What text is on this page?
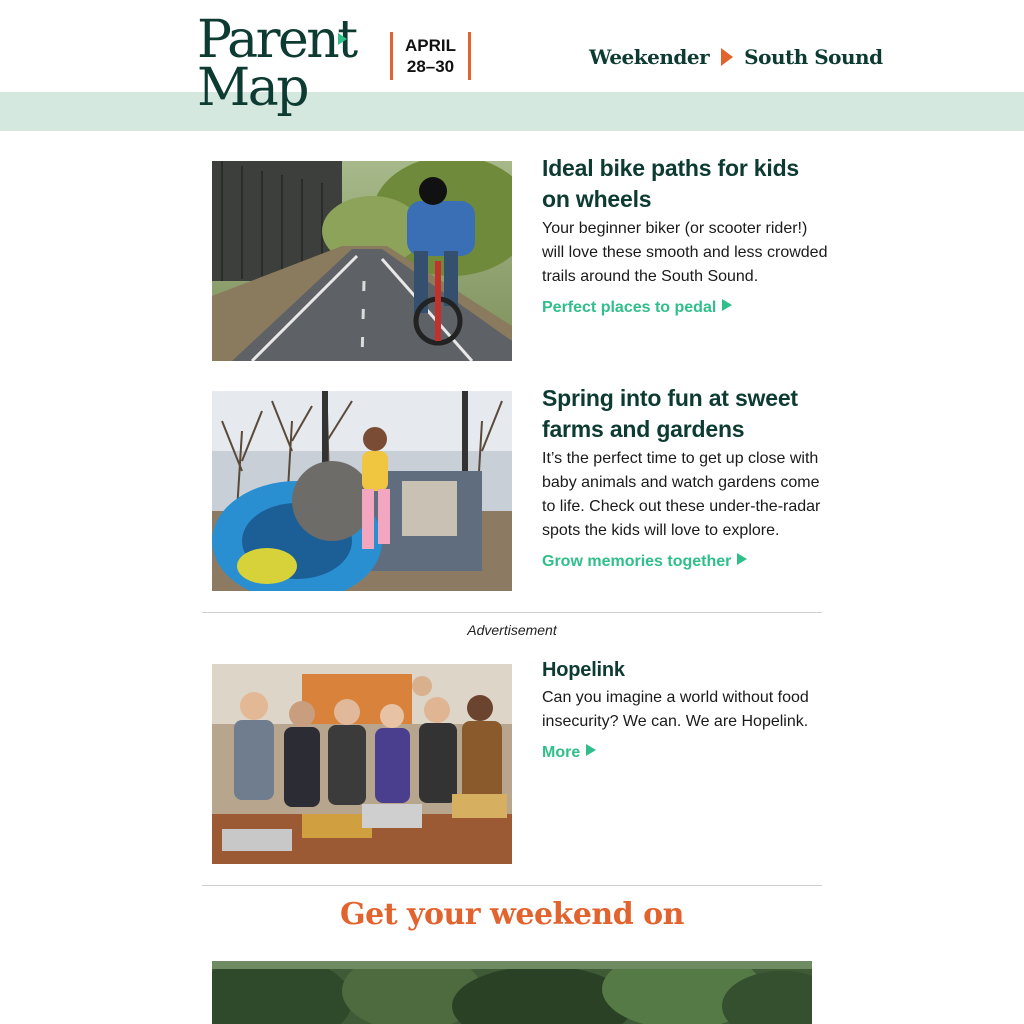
Parent
Map
APRIL
28–30	Weekender South Sound
Ideal bike paths for kids on wheels

Your beginner biker (or scooter rider!) will love these smooth and less crowded trails around the South Sound.

Perfect places to pedal
Spring into fun at sweet farms and gardens

It’s the perfect time to get up close with baby animals and watch gardens come to life. Check out these under-the-radar spots the kids will love to explore.

Grow memories together
Advertisement
Hopelink

Can you imagine a world without food insecurity? We can. We are Hopelink.

More
Get your weekend on
